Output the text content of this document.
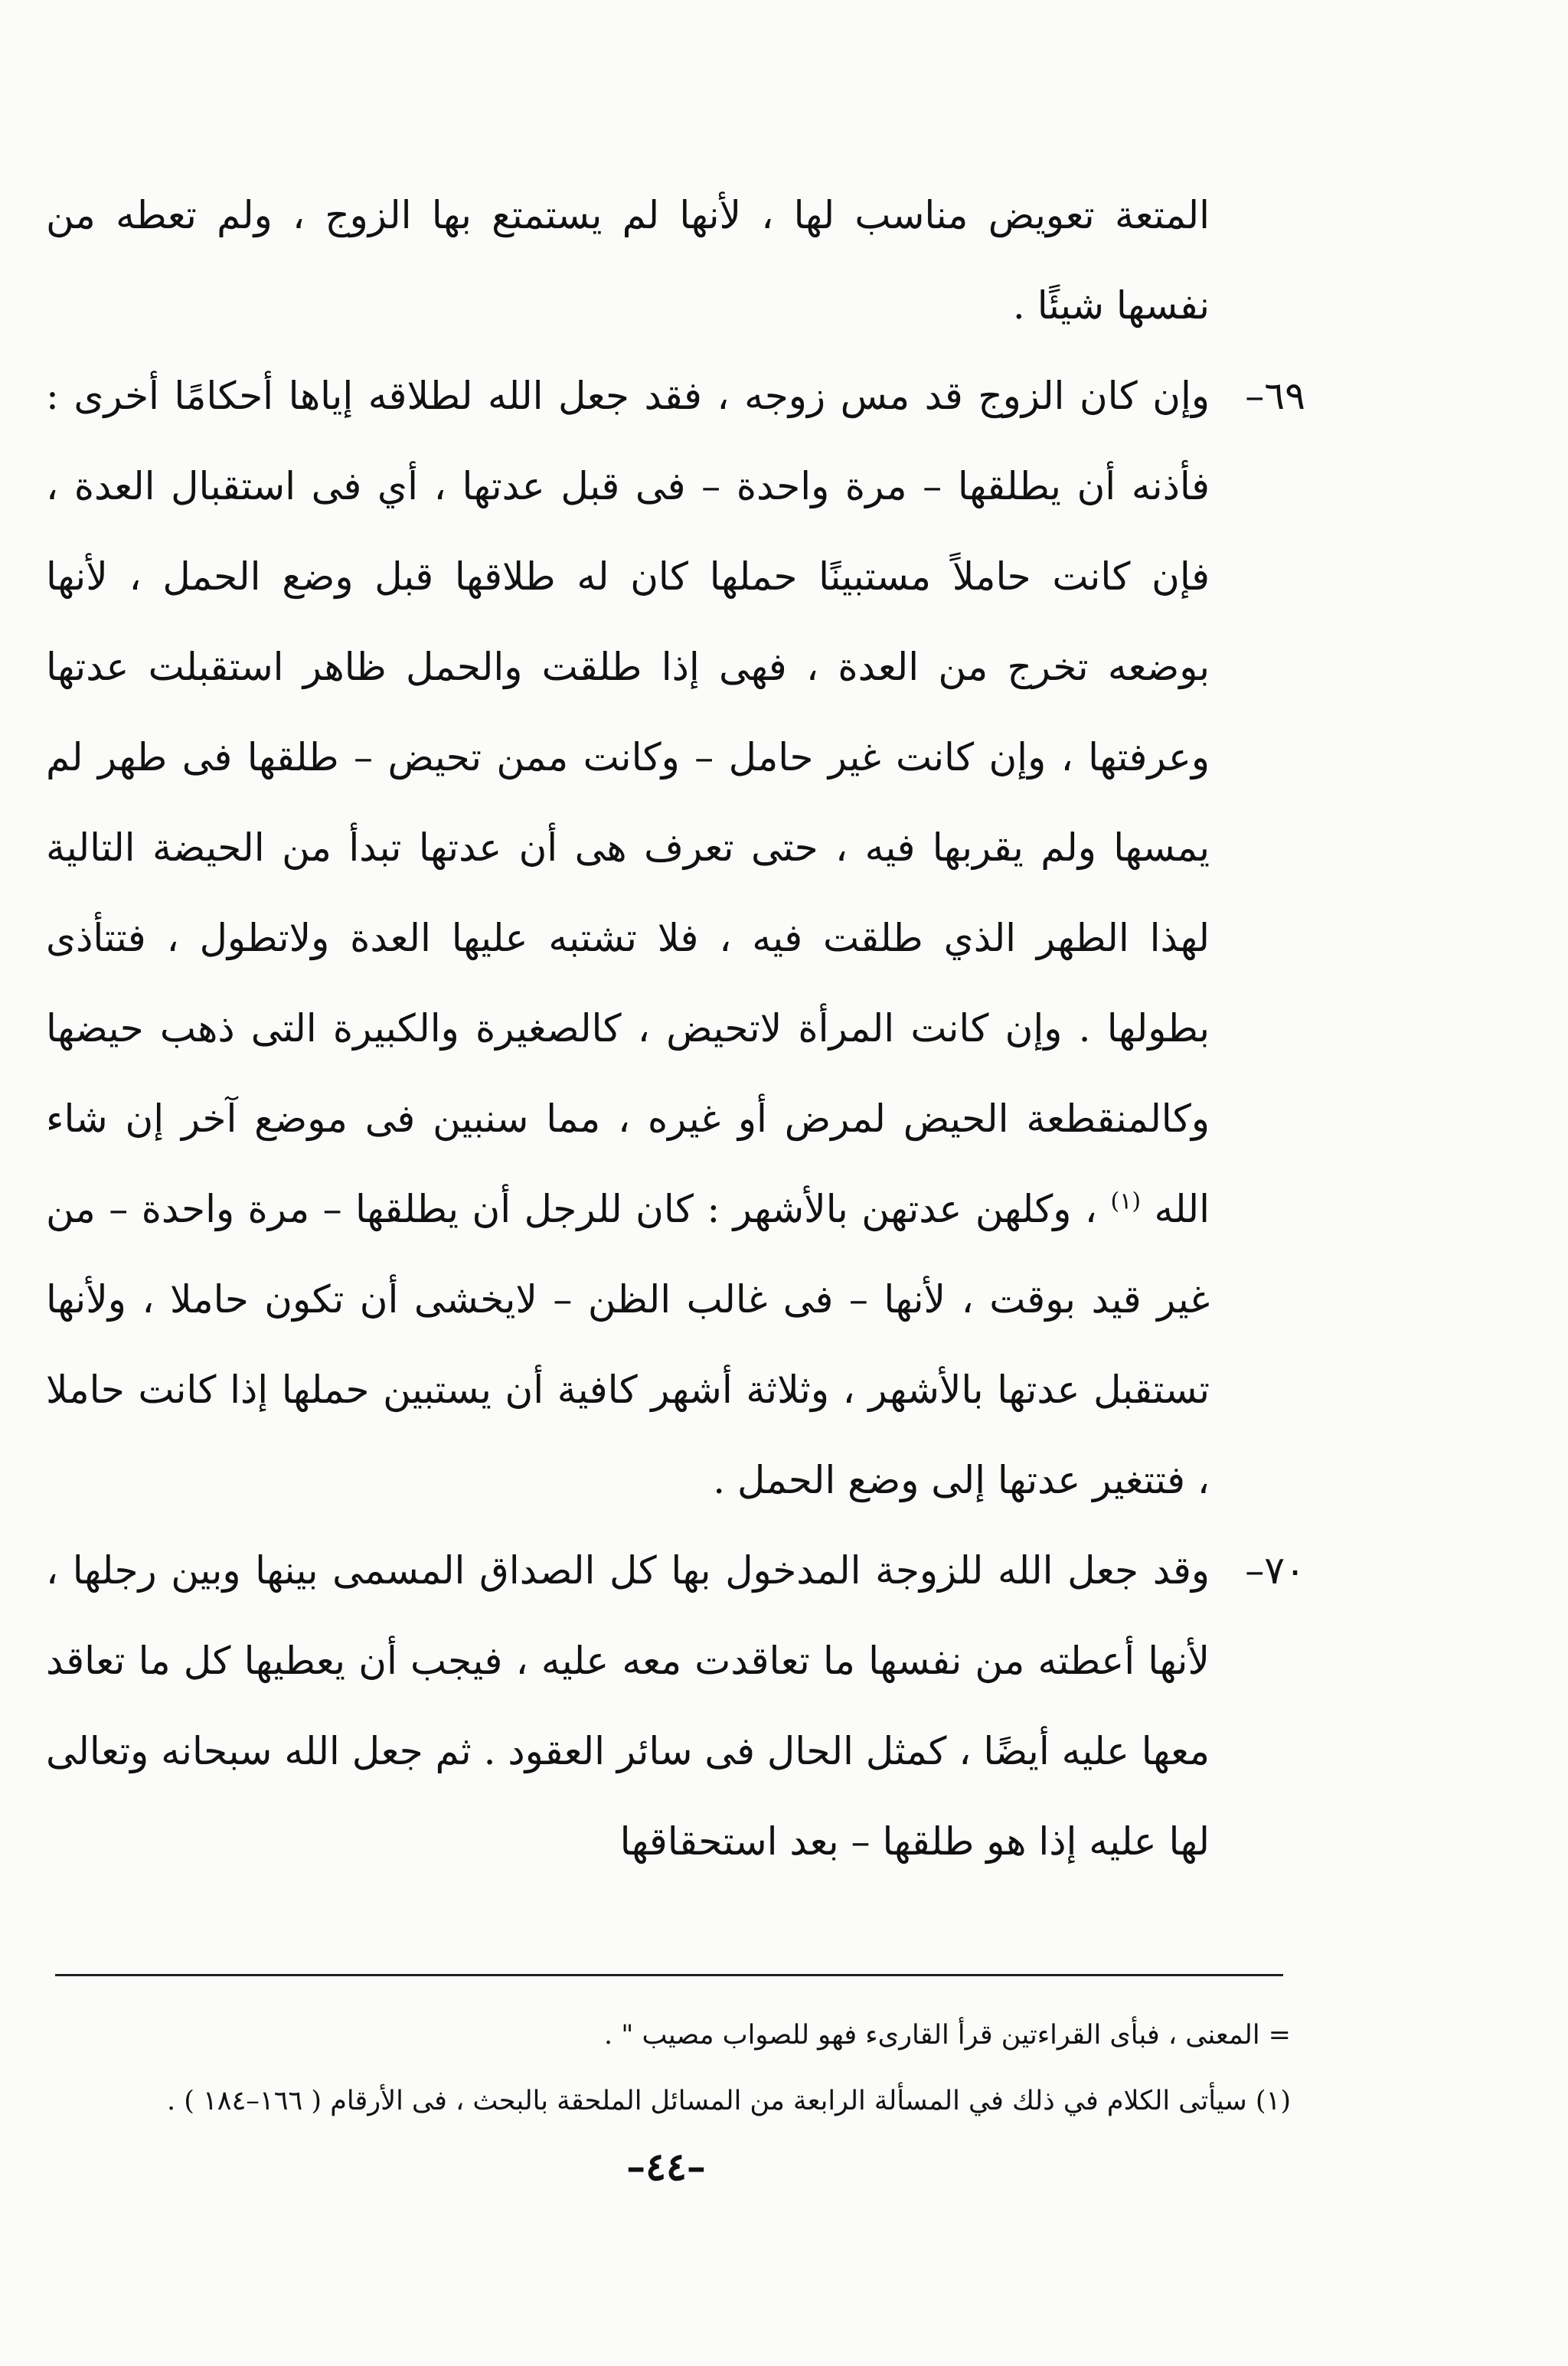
المتعة تعويض مناسب لها ، لأنها لم يستمتع بها الزوج ، ولم تعطه من نفسها شيئًا .

٦٩–
وإن كان الزوج قد مس زوجه ، فقد جعل الله لطلاقه إياها أحكامًا أخرى : فأذنه أن يطلقها – مرة واحدة – فى قبل عدتها ، أي فى استقبال العدة ، فإن كانت حاملاً مستبينًا حملها كان له طلاقها قبل وضع الحمل ، لأنها بوضعه تخرج من العدة ، فهى إذا طلقت والحمل ظاهر استقبلت عدتها وعرفتها ، وإن كانت غير حامل – وكانت ممن تحيض – طلقها فى طهر لم يمسها ولم يقربها فيه ، حتى تعرف هى أن عدتها تبدأ من الحيضة التالية لهذا الطهر الذي طلقت فيه ، فلا تشتبه عليها العدة ولاتطول ، فتتأذى بطولها . وإن كانت المرأة لاتحيض ، كالصغيرة والكبيرة التى ذهب حيضها وكالمنقطعة الحيض لمرض أو غيره ، مما سنبين فى موضع آخر إن شاء الله $^{(١)}$ ، وكلهن عدتهن بالأشهر : كان للرجل أن يطلقها – مرة واحدة – من غير قيد بوقت ، لأنها – فى غالب الظن – لايخشى أن تكون حاملا ، ولأنها تستقبل عدتها بالأشهر ، وثلاثة أشهر كافية أن يستبين حملها إذا كانت حاملا ، فتتغير عدتها إلى وضع الحمل .

٧٠–
وقد جعل الله للزوجة المدخول بها كل الصداق المسمى بينها وبين رجلها ، لأنها أعطته من نفسها ما تعاقدت معه عليه ، فيجب أن يعطيها كل ما تعاقد معها عليه أيضًا ، كمثل الحال فى سائر العقود . ثم جعل الله سبحانه وتعالى لها عليه إذا هو طلقها – بعد استحقاقها

= المعنى ، فبأى القراءتين قرأ القارىء فهو للصواب مصيب " .

(١) سيأتى الكلام في ذلك في المسألة الرابعة من المسائل الملحقة بالبحث ، فى الأرقام ( ١٦٦–١٨٤ ) .

–٤٤–
